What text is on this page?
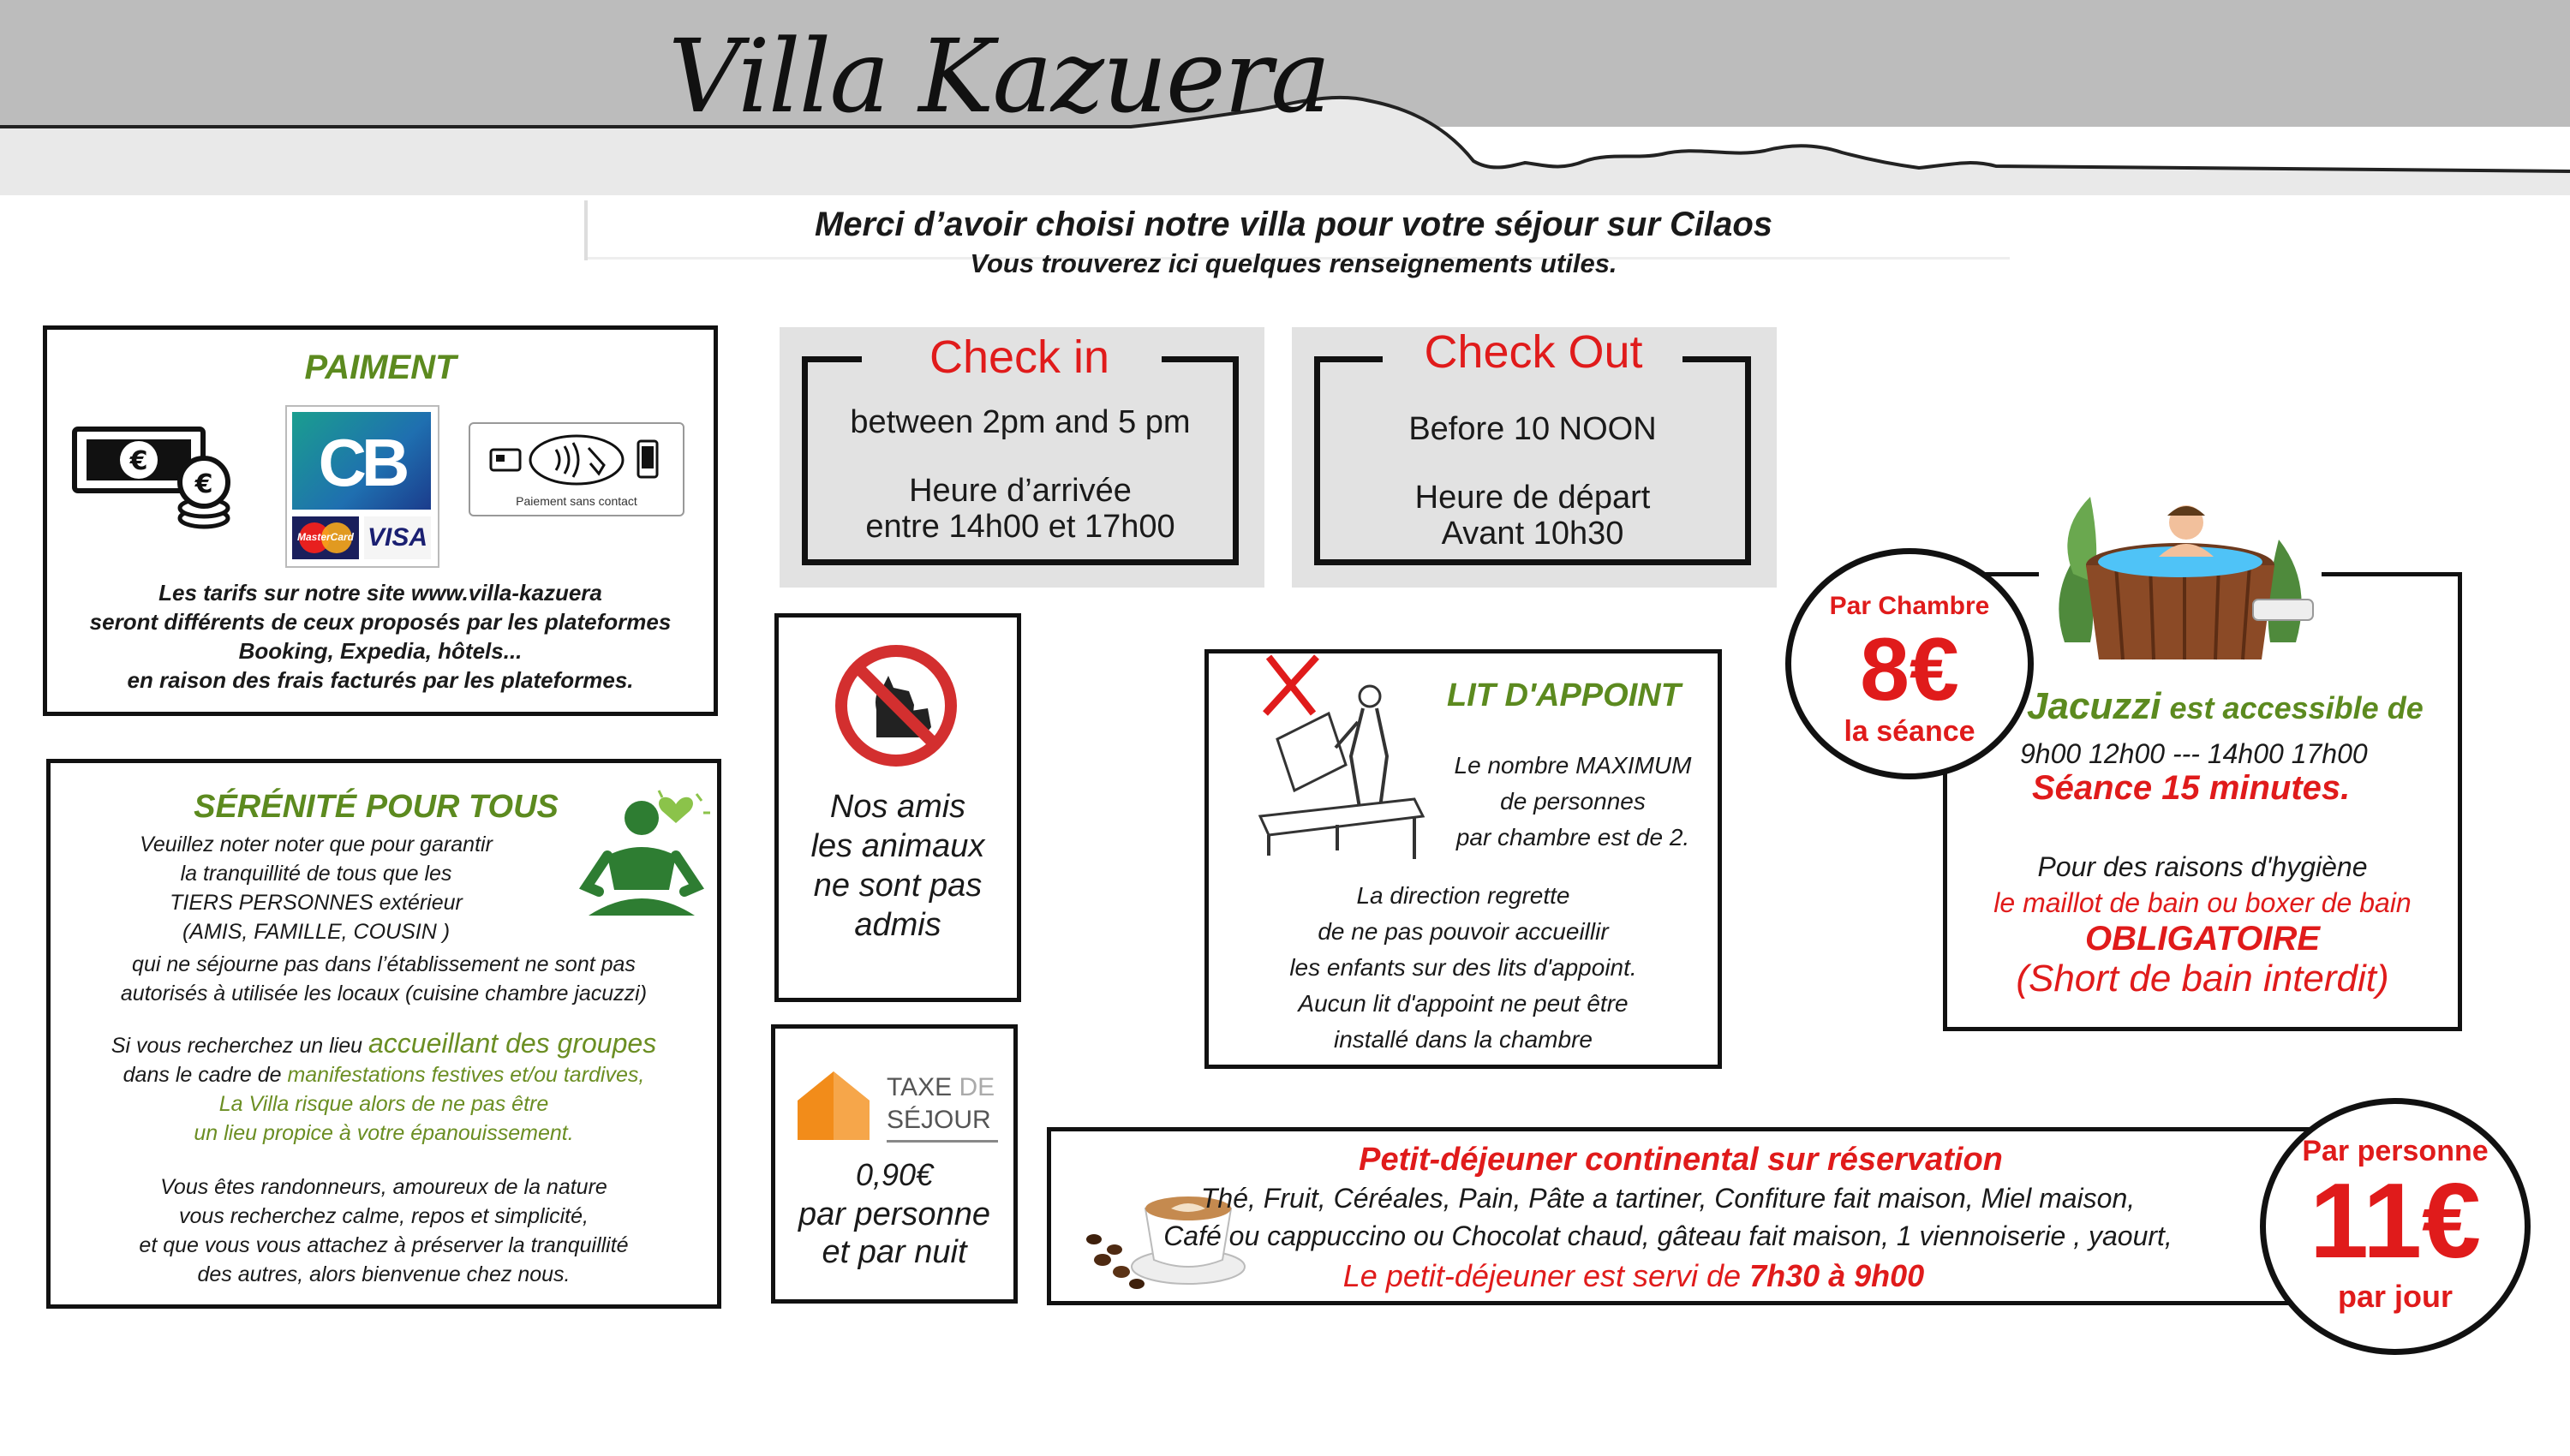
Villa Kazuera
Merci d’avoir choisi notre villa pour votre séjour sur Cilaos
Vous trouverez ici quelques renseignements utiles.
PAIMENT
€
€	CB
MasterCard VISA
Paiement sans contact
Les tarifs sur notre site www.villa-kazuera
seront différents de ceux proposés par les plateformes
Booking, Expedia, hôtels...
en raison des frais facturés par les plateformes.
Check in
between 2pm and 5 pm
Heure d’arrivée
entre 14h00 et 17h00
Check Out
Before 10 NOON
Heure de départ
Avant 10h30
SÉRÉNITÉ POUR TOUS
Veuillez noter noter que pour garantir
la tranquillité de tous que les
TIERS PERSONNES extérieur
(AMIS, FAMILLE, COUSIN )
qui ne séjourne pas dans l’établissement ne sont pas
autorisés à utilisée les locaux (cuisine chambre jacuzzi)
Si vous recherchez un lieu accueillant des groupes
dans le cadre de manifestations festives et/ou tardives,
La Villa risque alors de ne pas être
un lieu propice à votre épanouissement.
Vous êtes randonneurs, amoureux de la nature
vous recherchez calme, repos et simplicité,
et que vous vous attachez à préserver la tranquillité
des autres, alors bienvenue chez nous.
Nos amis
les animaux
ne sont pas
admis
TAXE DE
SÉJOUR
0,90€
par personne
et par nuit
LIT D'APPOINT
Le nombre MAXIMUM
de personnes
par chambre est de 2.
La direction regrette
de ne pas pouvoir accueillir
les enfants sur des lits d'appoint.
Aucun lit d'appoint ne peut être
installé dans la chambre
Par Chambre
8€
la séance
Jacuzzi est accessible de
9h00 12h00 --- 14h00 17h00
Séance 15 minutes.
Pour des raisons d'hygiène
le maillot de bain ou boxer de bain
OBLIGATOIRE
(Short de bain interdit)
Petit-déjeuner continental sur réservation
Thé, Fruit, Céréales, Pain, Pâte a tartiner, Confiture fait maison, Miel maison,
Café ou cappuccino ou Chocolat chaud, gâteau fait maison, 1 viennoiserie , yaourt,
Le petit-déjeuner est servi de 7h30 à 9h00
Par personne
11€
par jour
